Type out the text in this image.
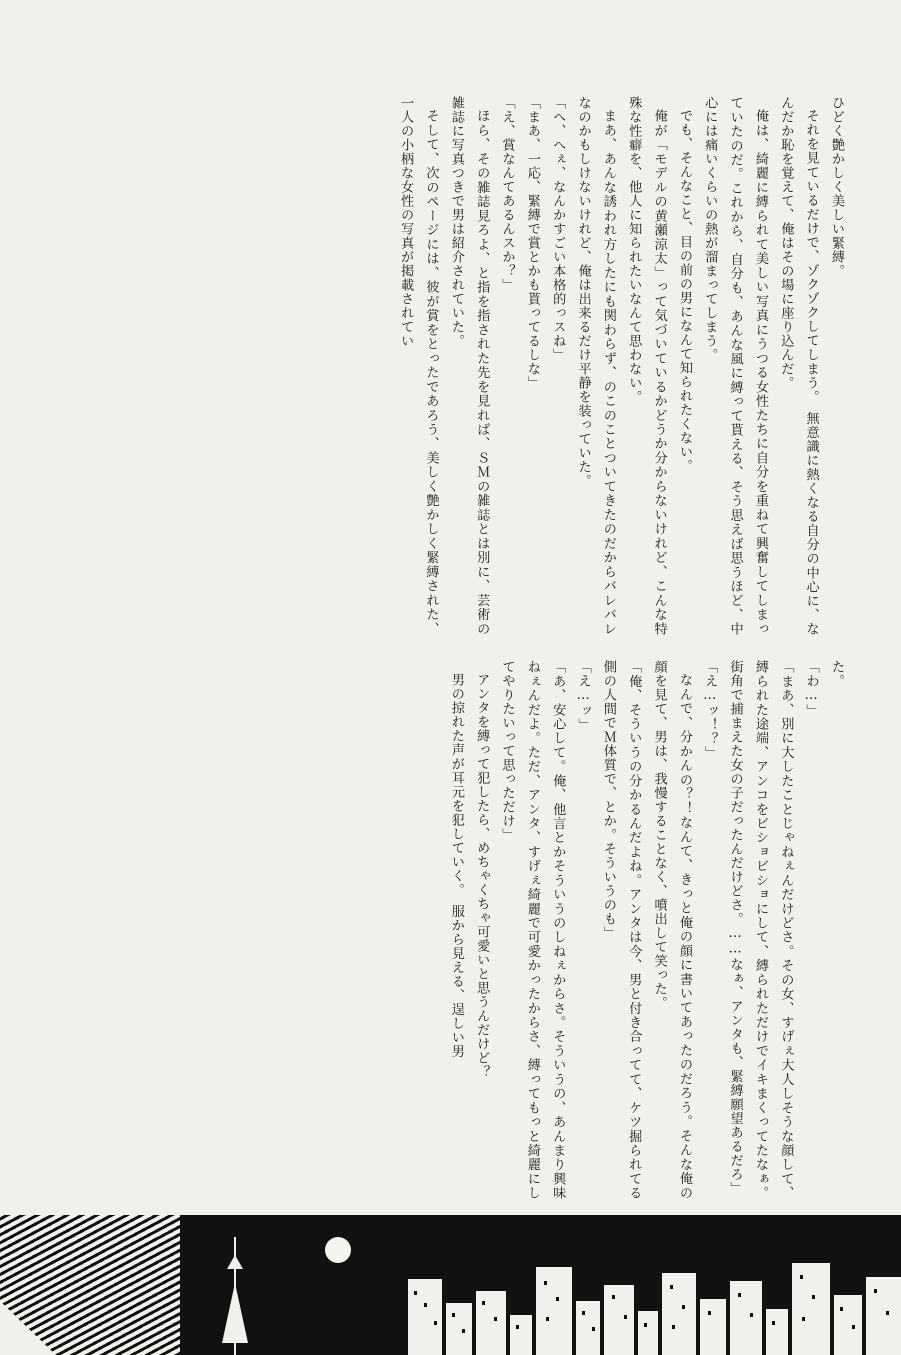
ひどく艶かしく美しい緊縛。

それを見ているだけで、ゾクゾクしてしまう。　無意識に熱くなる自分の中心に、なんだか恥を覚えて、俺はその場に座り込んだ。

俺は、綺麗に縛られて美しい写真にうつる女性たちに自分を重ねて興奮してしまっていたのだ。これから、自分も、あんな風に縛って貰える、そう思えば思うほど、中心には痛いくらいの熱が溜まってしまう。

でも、そんなこと、目の前の男になんて知られたくない。

俺が「モデルの黄瀬涼太」って気づいているかどうか分からないけれど、こんな特殊な性癖を、他人に知られたいなんて思わない。

まあ、あんな誘われ方したにも関わらず、のこのことついてきたのだからバレバレなのかもしけないけれど、俺は出来るだけ平静を装っていた。

「へ、へぇ、なんかすごい本格的っスね」

「まあ、一応、緊縛で賞とかも貰ってるしな」

「え、賞なんてあるんスか？」

ほら、その雑誌見ろよ、と指を指された先を見れば、ＳＭの雑誌とは別に、芸術の雑誌に写真つきで男は紹介されていた。

そして、次のページには、彼が賞をとったであろう、美しく艶かしく緊縛された、一人の小柄な女性の写真が掲載されてい

た。

「わ…」

「まあ、別に大したことじゃねぇんだけどさ。その女、すげぇ大人しそうな顔して、縛られた途端、アンコをビショビショにして、縛られただけでイキまくってたなぁ。街角で捕まえた女の子だったんだけどさ。……なぁ、アンタも、緊縛願望あるだろ」

「え…ッ！？」

なんで、分かんの？！なんて、きっと俺の顔に書いてあったのだろう。そんな俺の顔を見て、男は、我慢することなく、噴出して笑った。

「俺、そういうの分かるんだよね。アンタは今、男と付き合ってて、ケツ掘られてる側の人間でＭ体質で、とか。そういうのも」

「え…ッ」

「あ、安心して。俺、他言とかそういうのしねぇからさ。そういうの、あんまり興味ねぇんだよ。ただ、アンタ、すげぇ綺麗で可愛かったからさ、縛ってもっと綺麗にしてやりたいって思っただけ」

アンタを縛って犯したら、めちゃくちゃ可愛いと思うんだけど？

男の掠れた声が耳元を犯していく。　服から見える、逞しい男
